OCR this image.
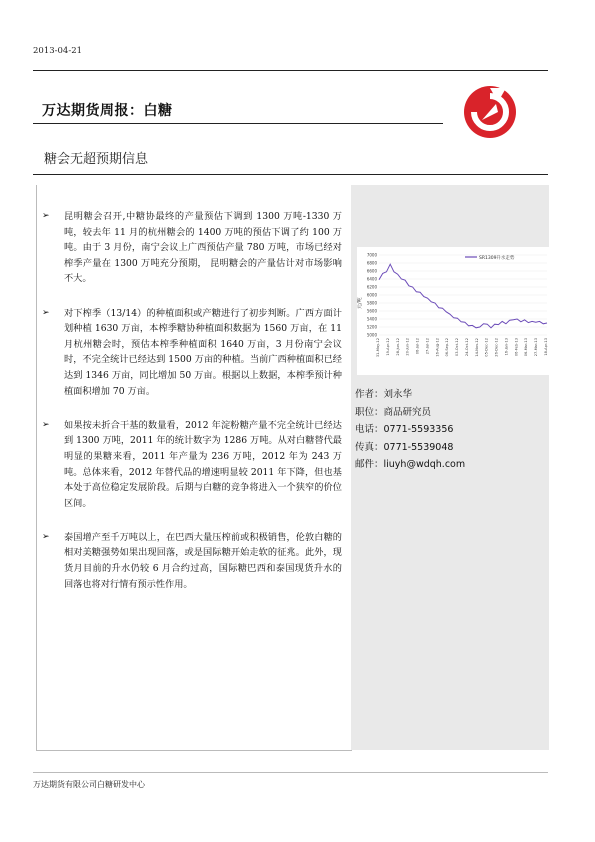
2013-04-21
万达期货周报：白糖
糖会无超预期信息
➢ 昆明糖会召开,中糖协最终的产量预估下调到 1300 万吨-1330 万吨，较去年 11 月的杭州糖会的 1400 万吨的预估下调了约 100 万吨。由于 3 月份，南宁会议上广西预估产量 780 万吨，市场已经对榨季产量在 1300 万吨充分预期， 昆明糖会的产量估计对市场影响不大。
➢ 对下榨季（13/14）的种植面积或产糖进行了初步判断。广西方面计划种植 1630 万亩，本榨季糖协种植面积数据为 1560 万亩，在 11 月杭州糖会时，预估本榨季种植面积 1640 万亩，3 月份南宁会议时，不完全统计已经达到 1500 万亩的种植。当前广西种植面积已经达到 1346 万亩，同比增加 50 万亩。根据以上数据，本榨季预计种植面积增加 70 万亩。
➢ 如果按未折合干基的数量看，2012 年淀粉糖产量不完全统计已经达到 1300 万吨，2011 年的统计数字为 1286 万吨。从对白糖替代最明显的果糖来看，2011 年产量为 236 万吨，2012 年为 243 万吨。总体来看，2012 年替代品的增速明显较 2011 年下降，但也基本处于高位稳定发展阶段。后期与白糖的竞争将进入一个狭窄的价位区间。
➢ 泰国增产至千万吨以上，在巴西大量压榨前或积极销售，伦敦白糖的相对美糖强势如果出现回落，或是国际糖开始走软的征兆。此外，现货月目前的升水仍较 6 月合约过高，国际糖巴西和泰国现货升水的回落也将对行情有预示性作用。
7000
6800
6600
6400
6200
6000
5800
5600
5400
5200
5000
31-May-12 19-Apr-12 28-Jun-12 20-Jun-12 06-Jul-12 27-Jul-12 16-Aug-12 06-Sep-12 03-Oct-12 24-Oct-12 14-Nov-12 05-Dec-12 26-Dec-12 16-Jan-13 06-Feb-13 06-Mar-13 27-Mar-13 18-Apr-13
SR1309升水走势
元/吨
作者：刘永华
职位：商品研究员
电话：0771-5593356
传真：0771-5539048
邮件：liuyh@wdqh.com
万达期货有限公司白糖研发中心
